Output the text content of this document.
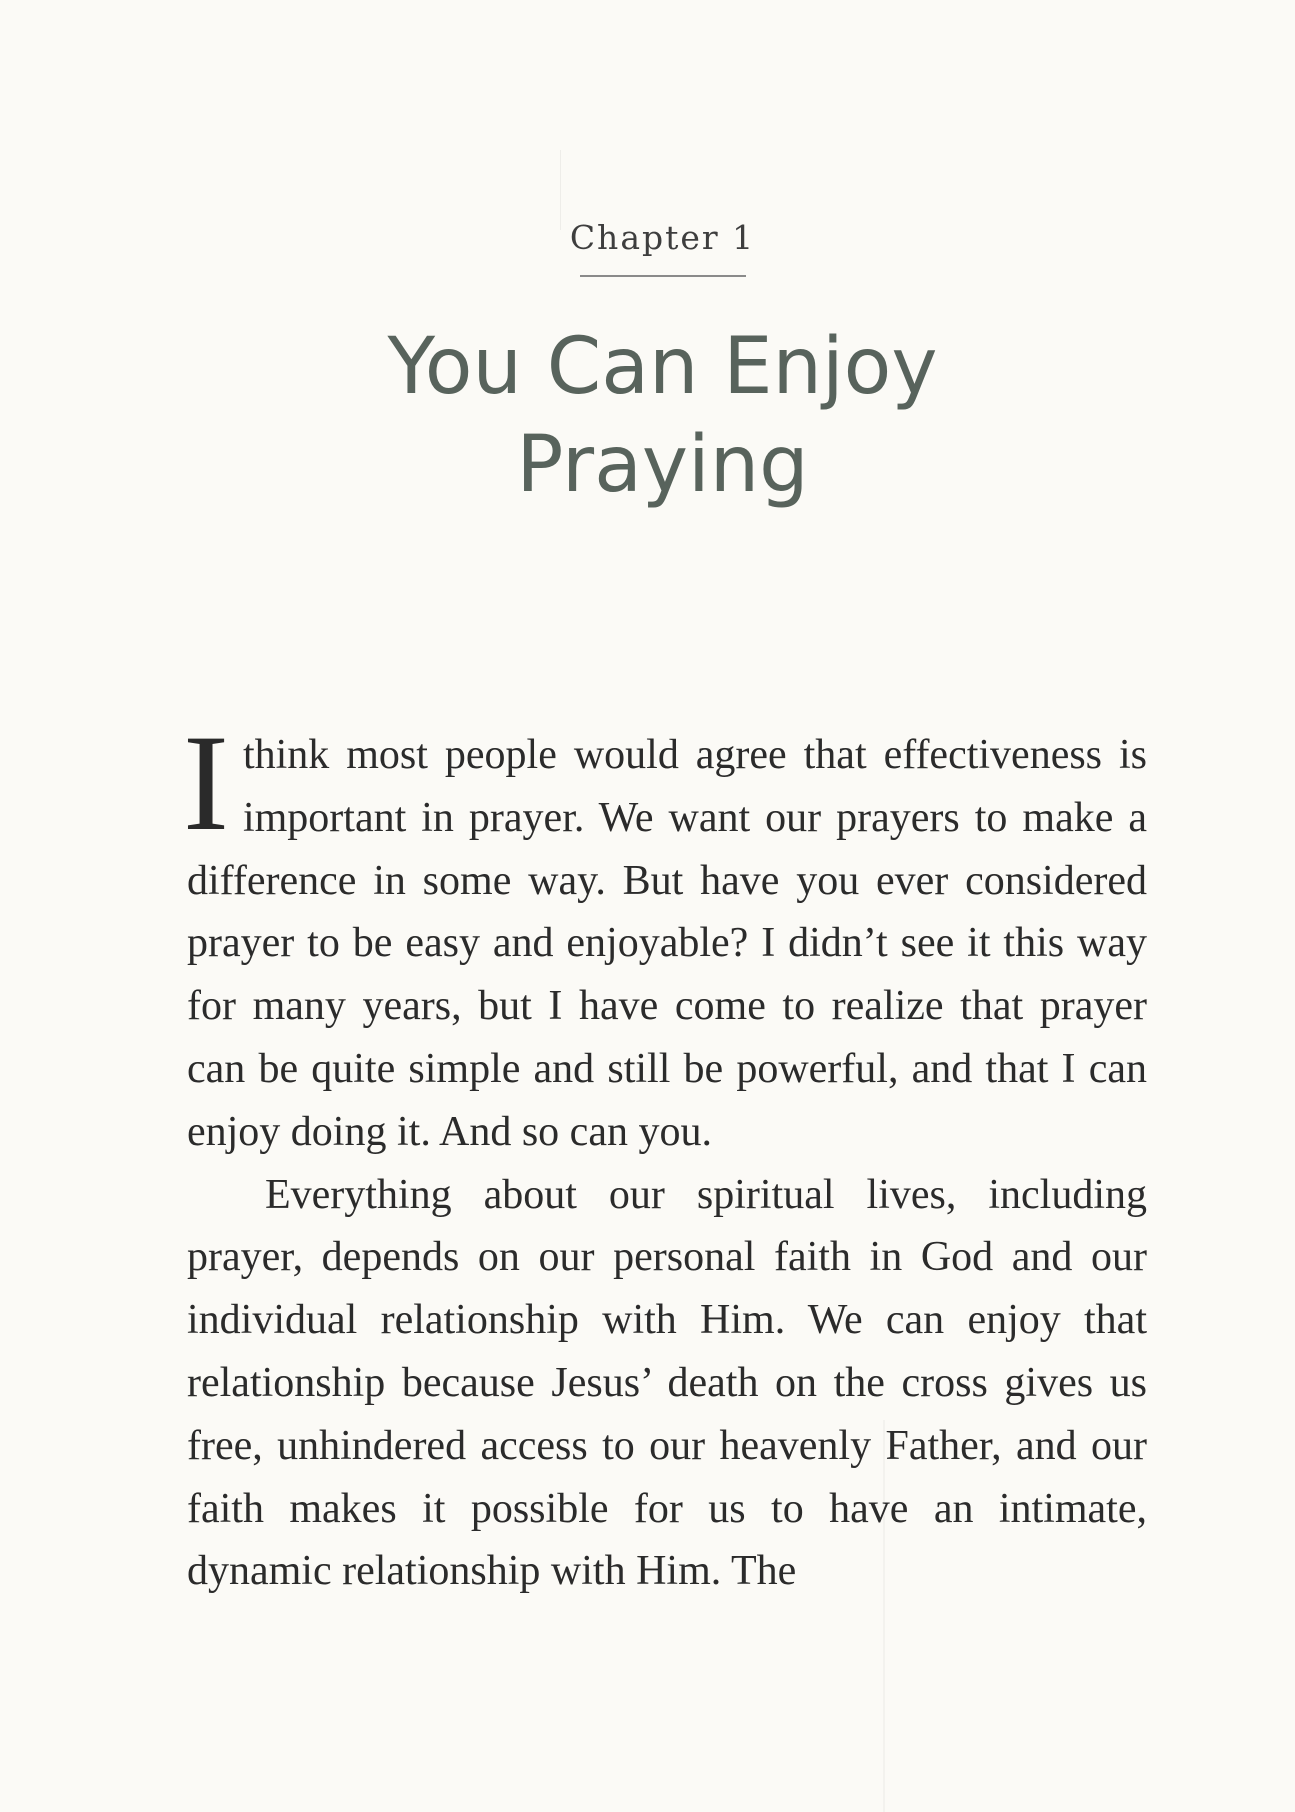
Chapter 1
You Can Enjoy
Praying

Ithink most people would agree that effectiveness is important in prayer. We want our prayers to make a difference in some way. But have you ever considered prayer to be easy and enjoyable? I didn’t see it this way for many years, but I have come to realize that prayer can be quite simple and still be powerful, and that I can enjoy doing it. And so can you.

Everything about our spiritual lives, including prayer, depends on our personal faith in God and our individual relationship with Him. We can enjoy that relationship because Jesus’ death on the cross gives us free, unhindered access to our heavenly Father, and our faith makes it possible for us to have an intimate, dynamic relationship with Him. The
